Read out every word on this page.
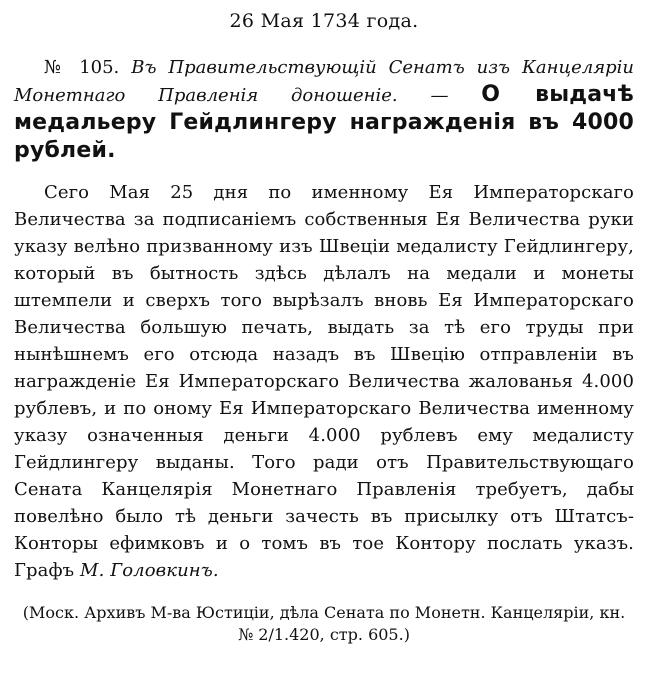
26 Мая 1734 года.

№ 105. Въ Правительствующій Сенатъ изъ Канцеляріи Монетнаго Правленія доношеніе. — О выдачѣ медальеру Гейдлингеру награжденія въ 4000 рублей.

Сего Мая 25 дня по именному Ея Императорскаго Величества за подписаніемъ собственныя Ея Величества руки указу велѣно призванному изъ Швеціи медалисту Гейдлингеру, который въ бытность здѣсь дѣлалъ на медали и монеты штемпели и сверхъ того вырѣзалъ вновь Ея Императорскаго Величества большую печать, выдать за тѣ его труды при нынѣшнемъ его отсюда назадъ въ Швецію отправленіи въ награжденіе Ея Императорскаго Величества жалованья 4.000 рублевъ, и по оному Ея Императорскаго Величества именному указу означенныя деньги 4.000 рублевъ ему медалисту Гейдлингеру выданы. Того ради отъ Правительствующаго Сената Канцелярія Монетнаго Правленія требуетъ, дабы повелѣно было тѣ деньги зачесть въ присылку отъ Штатсъ-Конторы ефимковъ и о томъ въ тое Контору послать указъ. Графъ М. Головкинъ.

(Моск. Архивъ М-ва Юстиціи, дѣла Сената по Монетн. Канцеляріи, кн. № 2/1.420, стр. 605.)
